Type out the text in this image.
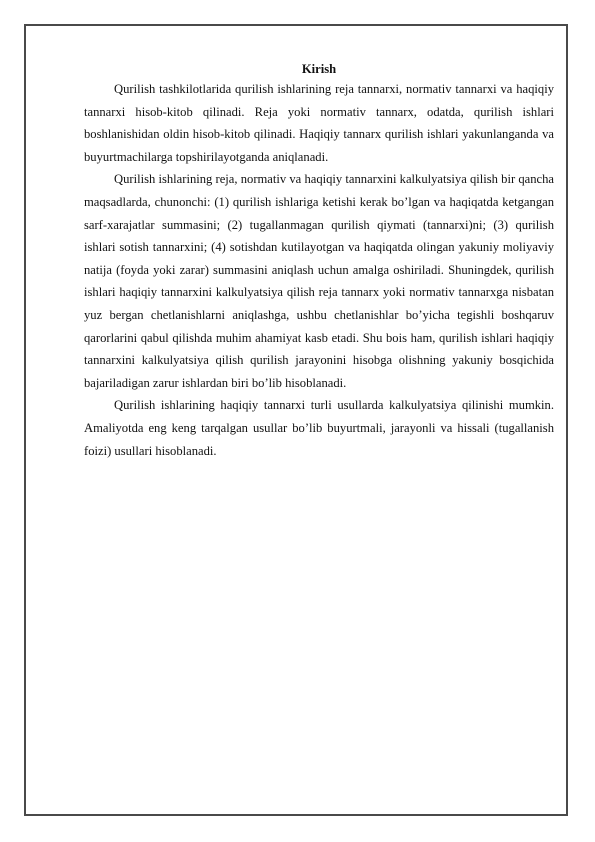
Kirish

Qurilish tashkilotlarida qurilish ishlarining reja tannarxi, normativ tannarxi va haqiqiy tannarxi hisob-kitob qilinadi. Reja yoki normativ tannarx, odatda, qurilish ishlari boshlanishidan oldin hisob-kitob qilinadi. Haqiqiy tannarx qurilish ishlari yakunlanganda va buyurtmachilarga topshirilayotganda aniqlanadi.

Qurilish ishlarining reja, normativ va haqiqiy tannarxini kalkulyatsiya qilish bir qancha maqsadlarda, chunonchi: (1) qurilish ishlariga ketishi kerak bo’lgan va haqiqatda ketgangan sarf-xarajatlar summasini; (2) tugallanmagan qurilish qiymati (tannarxi)ni; (3) qurilish ishlari sotish tannarxini; (4) sotishdan kutilayotgan va haqiqatda olingan yakuniy moliyaviy natija (foyda yoki zarar) summasini aniqlash uchun amalga oshiriladi. Shuningdek, qurilish ishlari haqiqiy tannarxini kalkulyatsiya qilish reja tannarx yoki normativ tannarxga nisbatan yuz bergan chetlanishlarni aniqlashga, ushbu chetlanishlar bo’yicha tegishli boshqaruv qarorlarini qabul qilishda muhim ahamiyat kasb etadi. Shu bois ham, qurilish ishlari haqiqiy tannarxini kalkulyatsiya qilish qurilish jarayonini hisobga olishning yakuniy bosqichida bajariladigan zarur ishlardan biri bo’lib hisoblanadi.

Qurilish ishlarining haqiqiy tannarxi turli usullarda kalkulyatsiya qilinishi mumkin. Amaliyotda eng keng tarqalgan usullar bo’lib buyurtmali, jarayonli va hissali (tugallanish foizi) usullari hisoblanadi.
